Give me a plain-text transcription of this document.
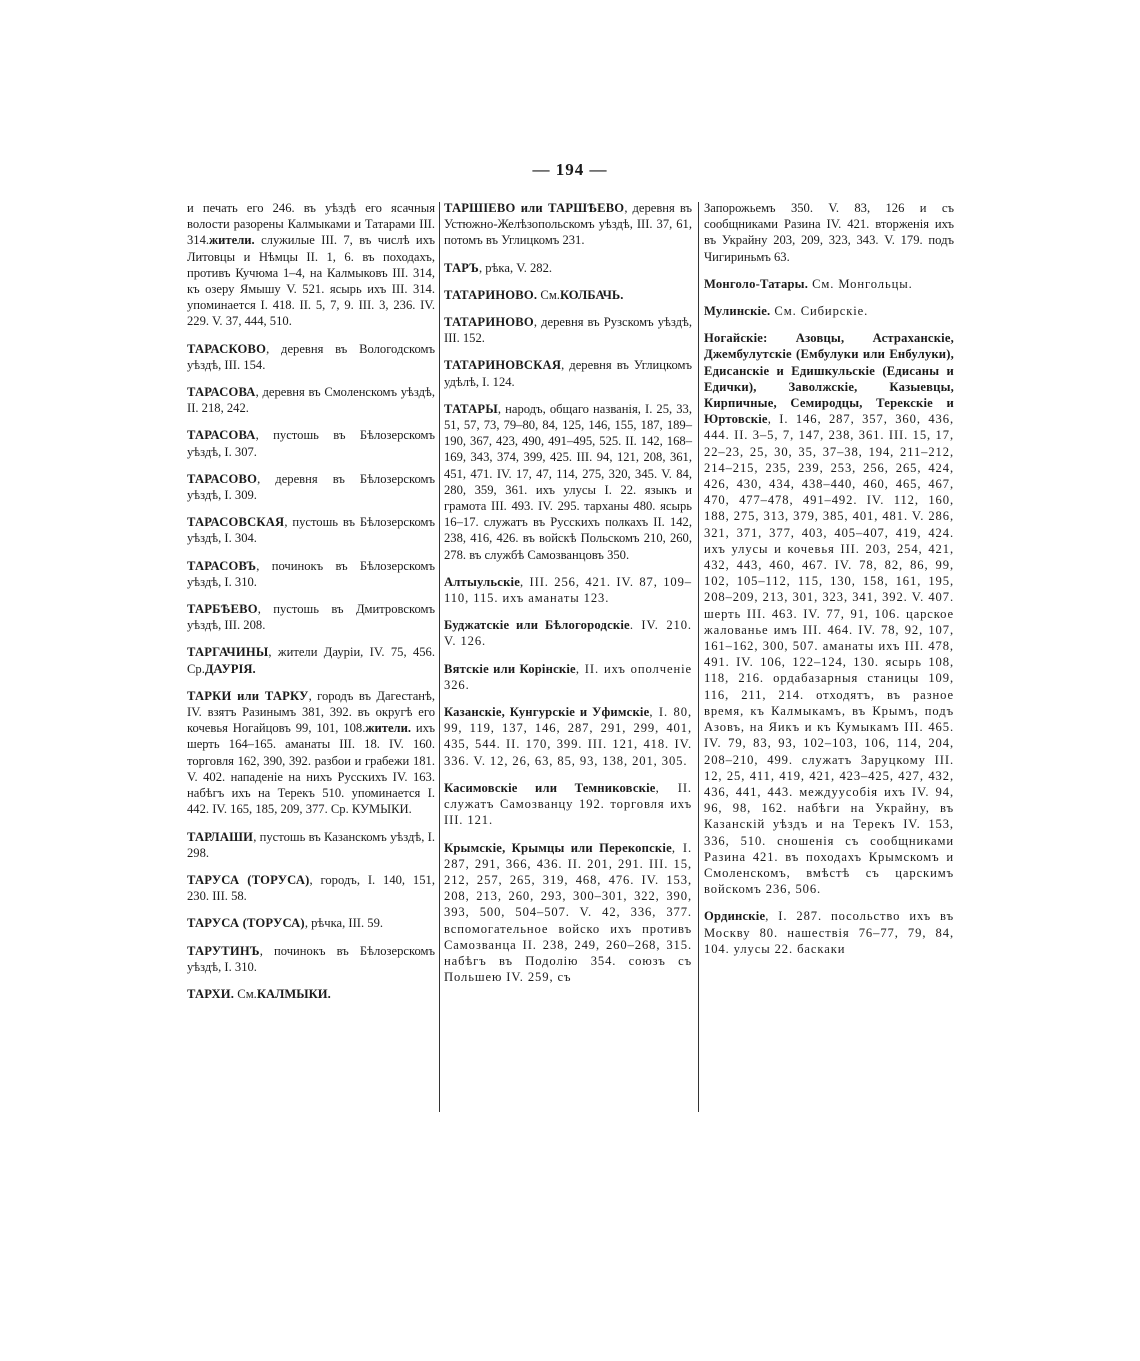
— 194 —

и печать его 246. въ уѣздѣ его ясачныя волости разорены Калмыками и Татарами III. 314.жители. служилые III. 7, въ числѣ ихъ Литовцы и Нѣмцы II. 1, 6. въ походахъ, противъ Кучюма 1–4, на Калмыковъ III. 314, къ озеру Ямышу V. 521. ясырь ихъ III. 314. упоминается I. 418. II. 5, 7, 9. III. 3, 236. IV. 229. V. 37, 444, 510.

ТАРАСКОВО, деревня въ Вологодскомъ уѣздѣ, III. 154.

ТАРАСОВА, деревня въ Смоленскомъ уѣздѣ, II. 218, 242.

ТАРАСОВА, пустошь въ Бѣлозерскомъ уѣздѣ, I. 307.

ТАРАСОВО, деревня въ Бѣлозерскомъ уѣздѣ, I. 309.

ТАРАСОВСКАЯ, пустошь въ Бѣлозерскомъ уѣздѣ, I. 304.

ТАРАСОВЪ, починокъ въ Бѣлозерскомъ уѣздѣ, I. 310.

ТАРБѢЕВО, пустошь въ Дмитровскомъ уѣздѣ, III. 208.

ТАРГАЧИНЫ, жители Дауріи, IV. 75, 456. Ср.ДАУРІЯ.

ТАРКИ или ТАРКУ, городъ въ Дагестанѣ, IV. взятъ Разинымъ 381, 392. въ округѣ его кочевья Ногайцовъ 99, 101, 108.жители. ихъ шерть 164–165. аманаты III. 18. IV. 160. торговля 162, 390, 392. разбои и грабежи 181. V. 402. нападеніе на нихъ Русскихъ IV. 163. набѣгъ ихъ на Терекъ 510. упоминается I. 442. IV. 165, 185, 209, 377. Ср. КУМЫКИ.

ТАРЛАШИ, пустошь въ Казанскомъ уѣздѣ, I. 298.

ТАРУСА (ТОРУСА), городъ, I. 140, 151, 230. III. 58.

ТАРУСА (ТОРУСА), рѣчка, III. 59.

ТАРУТИНЪ, починокъ въ Бѣлозерскомъ уѣздѣ, I. 310.

ТАРХИ. См.КАЛМЫКИ.

ТАРШІЕВО или ТАРШѢЕВО, деревня въ Устюжно-Желѣзопольскомъ уѣздѣ, III. 37, 61, потомъ въ Углицкомъ 231.

ТАРЪ, рѣка, V. 282.

ТАТАРИНОВО. См.КОЛБАЧЬ.

ТАТАРИНОВО, деревня въ Рузскомъ уѣздѣ, III. 152.

ТАТАРИНОВСКАЯ, деревня въ Углицкомъ удѣлѣ, I. 124.

ТАТАРЫ, народъ, общаго названія, I. 25, 33, 51, 57, 73, 79–80, 84, 125, 146, 155, 187, 189–190, 367, 423, 490, 491–495, 525. II. 142, 168–169, 343, 374, 399, 425. III. 94, 121, 208, 361, 451, 471. IV. 17, 47, 114, 275, 320, 345. V. 84, 280, 359, 361. ихъ улусы I. 22. языкъ и грамота III. 493. IV. 295. тарханы 480. ясырь 16–17. служатъ въ Русскихъ полкахъ II. 142, 238, 416, 426. въ войскѣ Польскомъ 210, 260, 278. въ службѣ Самозванцовъ 350.

Алтыульскіе, III. 256, 421. IV. 87, 109–110, 115. ихъ аманаты 123.

Буджатскіе или Бѣлогородскіе. IV. 210. V. 126.

Вятскіе или Корінскіе, II. ихъ ополченіе 326.

Казанскіе, Кунгурскіе и Уфимскіе, I. 80, 99, 119, 137, 146, 287, 291, 299, 401, 435, 544. II. 170, 399. III. 121, 418. IV. 336. V. 12, 26, 63, 85, 93, 138, 201, 305.

Касимовскіе или Темниковскіе, II. служатъ Самозванцу 192. торговля ихъ III. 121.

Крымскіе, Крымцы или Перекопскіе, I. 287, 291, 366, 436. II. 201, 291. III. 15, 212, 257, 265, 319, 468, 476. IV. 153, 208, 213, 260, 293, 300–301, 322, 390, 393, 500, 504–507. V. 42, 336, 377. вспомогательное войско ихъ противъ Самозванца II. 238, 249, 260–268, 315. набѣгъ въ Подолію 354. союзъ съ Польшею IV. 259, съ

Запорожьемъ 350. V. 83, 126 и съ сообщниками Разина IV. 421. вторженія ихъ въ Украйну 203, 209, 323, 343. V. 179. подъ Чигириньмъ 63.

Монголо-Татары. См. Монгольцы.

Мулинскіе. См. Сибирскіе.

Ногайскіе: Азовцы, Астраханскіе, Джембулутскіе (Ембулуки или Енбулуки), Едисанскіе и Едишкульскіе (Едисаны и Едички), Заволжскіе, Казыевцы, Кирпичные, Семиродцы, Терекскіе и Юртовскіе, I. 146, 287, 357, 360, 436, 444. II. 3–5, 7, 147, 238, 361. III. 15, 17, 22–23, 25, 30, 35, 37–38, 194, 211–212, 214–215, 235, 239, 253, 256, 265, 424, 426, 430, 434, 438–440, 460, 465, 467, 470, 477–478, 491–492. IV. 112, 160, 188, 275, 313, 379, 385, 401, 481. V. 286, 321, 371, 377, 403, 405–407, 419, 424. ихъ улусы и кочевья III. 203, 254, 421, 432, 443, 460, 467. IV. 78, 82, 86, 99, 102, 105–112, 115, 130, 158, 161, 195, 208–209, 213, 301, 323, 341, 392. V. 407. шерть III. 463. IV. 77, 91, 106. царское жалованье имъ III. 464. IV. 78, 92, 107, 161–162, 300, 507. аманаты ихъ III. 478, 491. IV. 106, 122–124, 130. ясырь 108, 118, 216. ордабазарныя станицы 109, 116, 211, 214. отходятъ, въ разное время, къ Калмыкамъ, въ Крымъ, подъ Азовъ, на Яикъ и къ Кумыкамъ III. 465. IV. 79, 83, 93, 102–103, 106, 114, 204, 208–210, 499. служатъ Заруцкому III. 12, 25, 411, 419, 421, 423–425, 427, 432, 436, 441, 443. междуусобія ихъ IV. 94, 96, 98, 162. набѣги на Украйну, въ Казанскій уѣздъ и на Терекъ IV. 153, 336, 510. сношенія съ сообщниками Разина 421. въ походахъ Крымскомъ и Смоленскомъ, вмѣстѣ съ царскимъ войскомъ 236, 506.

Ординскіе, I. 287. посольство ихъ въ Москву 80. нашествія 76–77, 79, 84, 104. улусы 22. баскаки
